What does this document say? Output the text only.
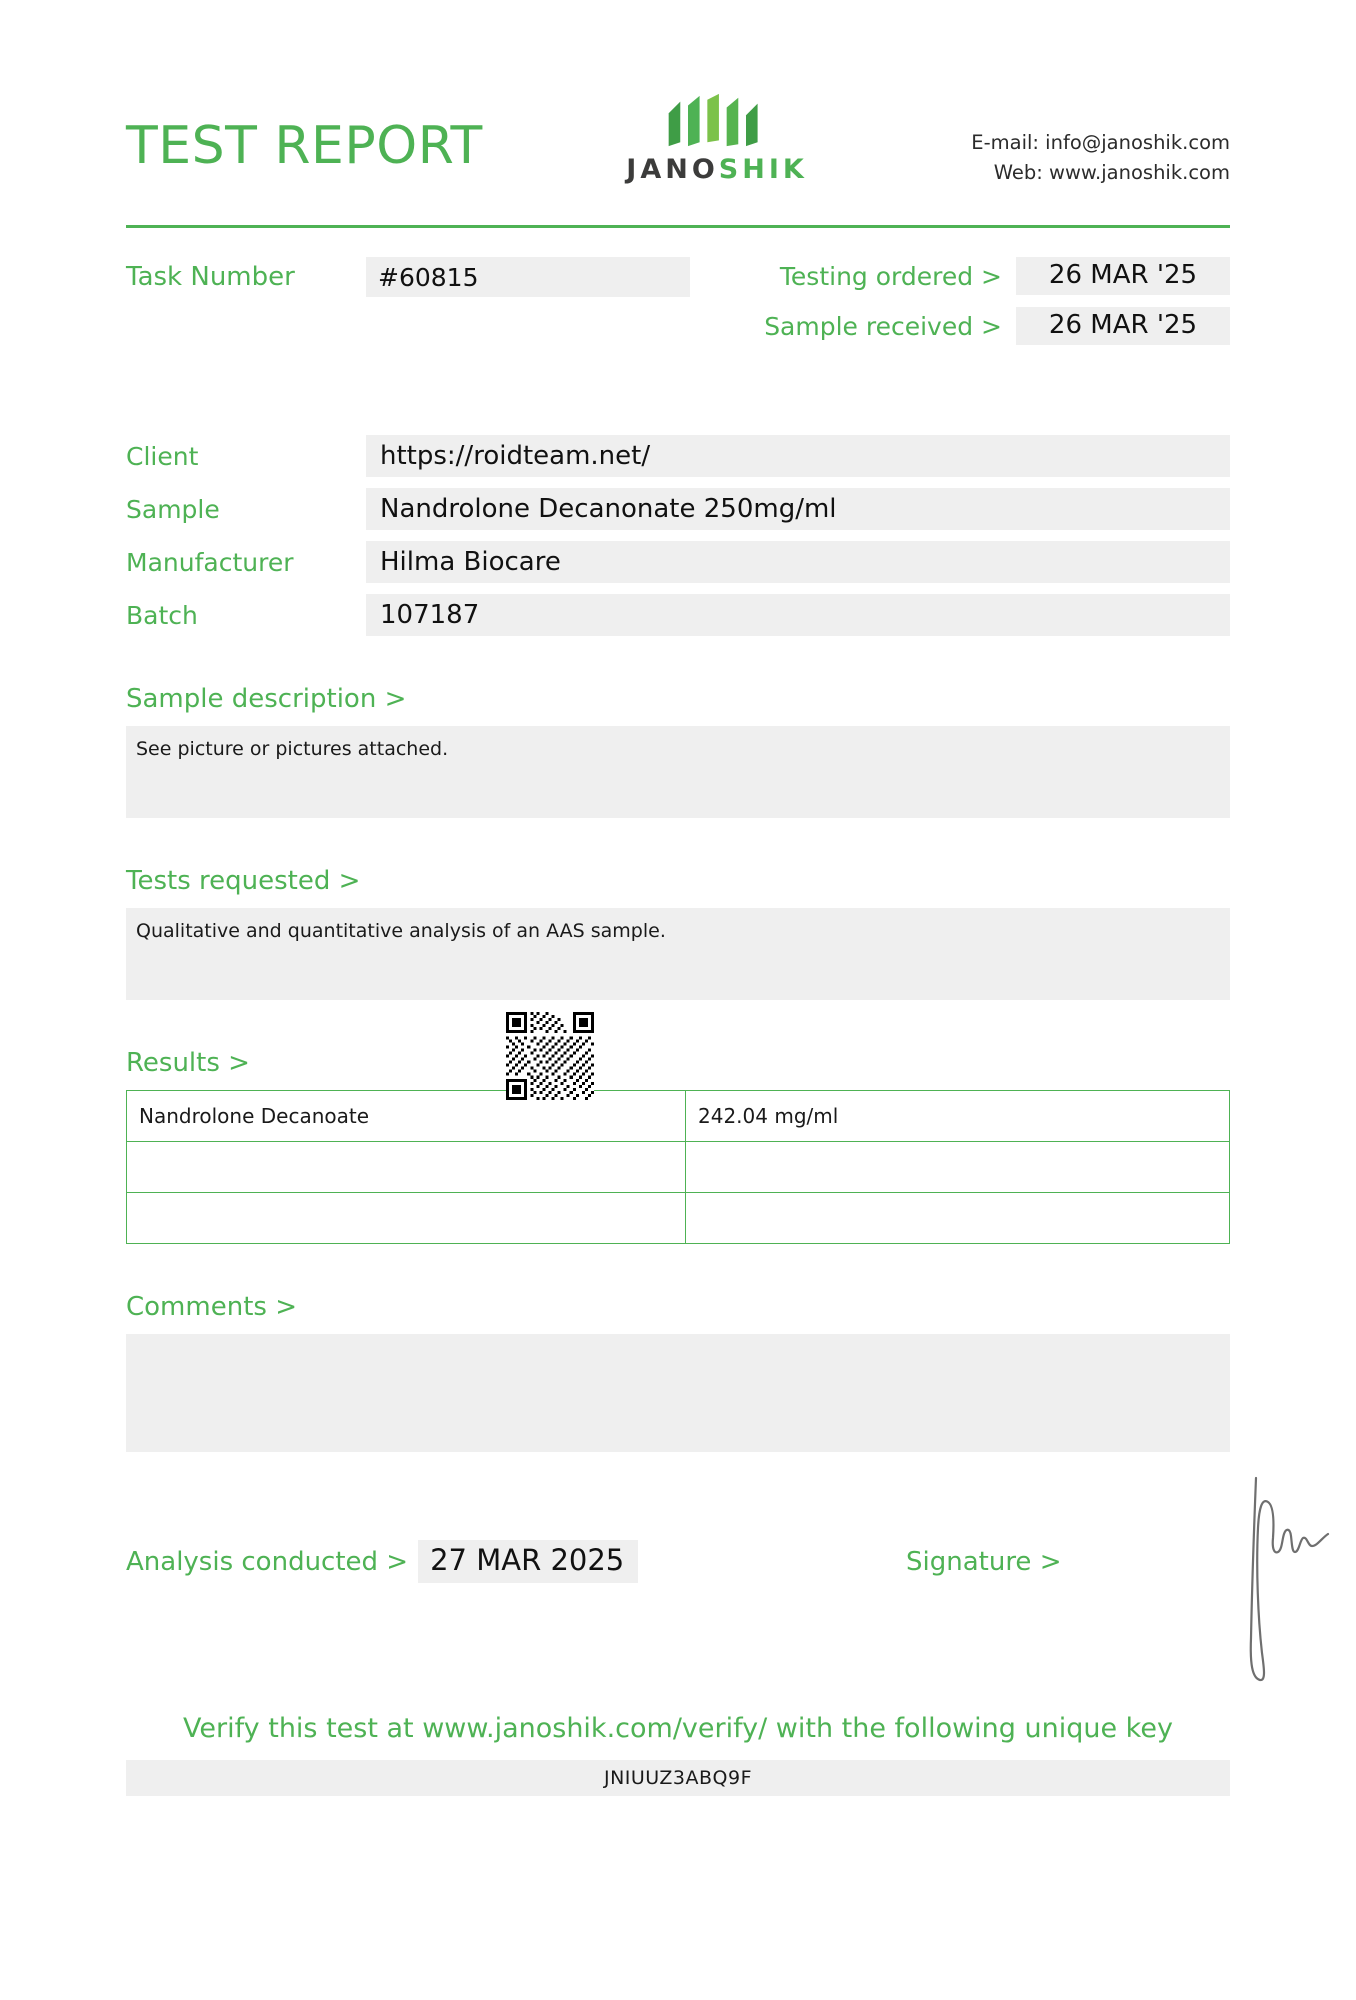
TEST REPORT	JANOSHIK
E-mail: info@janoshik.com
Web: www.janoshik.com
Task Number	#60815	Testing ordered >	26 MAR '25
Sample received >	26 MAR '25
Client	https://roidteam.net/
Sample	Nandrolone Decanonate 250mg/ml
Manufacturer	Hilma Biocare
Batch	107187
Sample description >
See picture or pictures attached.
Tests requested >
Qualitative and quantitative analysis of an AAS sample.
Results >
Nandrolone Decanoate	242.04 mg/ml

Comments >
Analysis conducted > 27 MAR 2025	Signature >
Verify this test at www.janoshik.com/verify/ with the following unique key
JNIUUZ3ABQ9F
